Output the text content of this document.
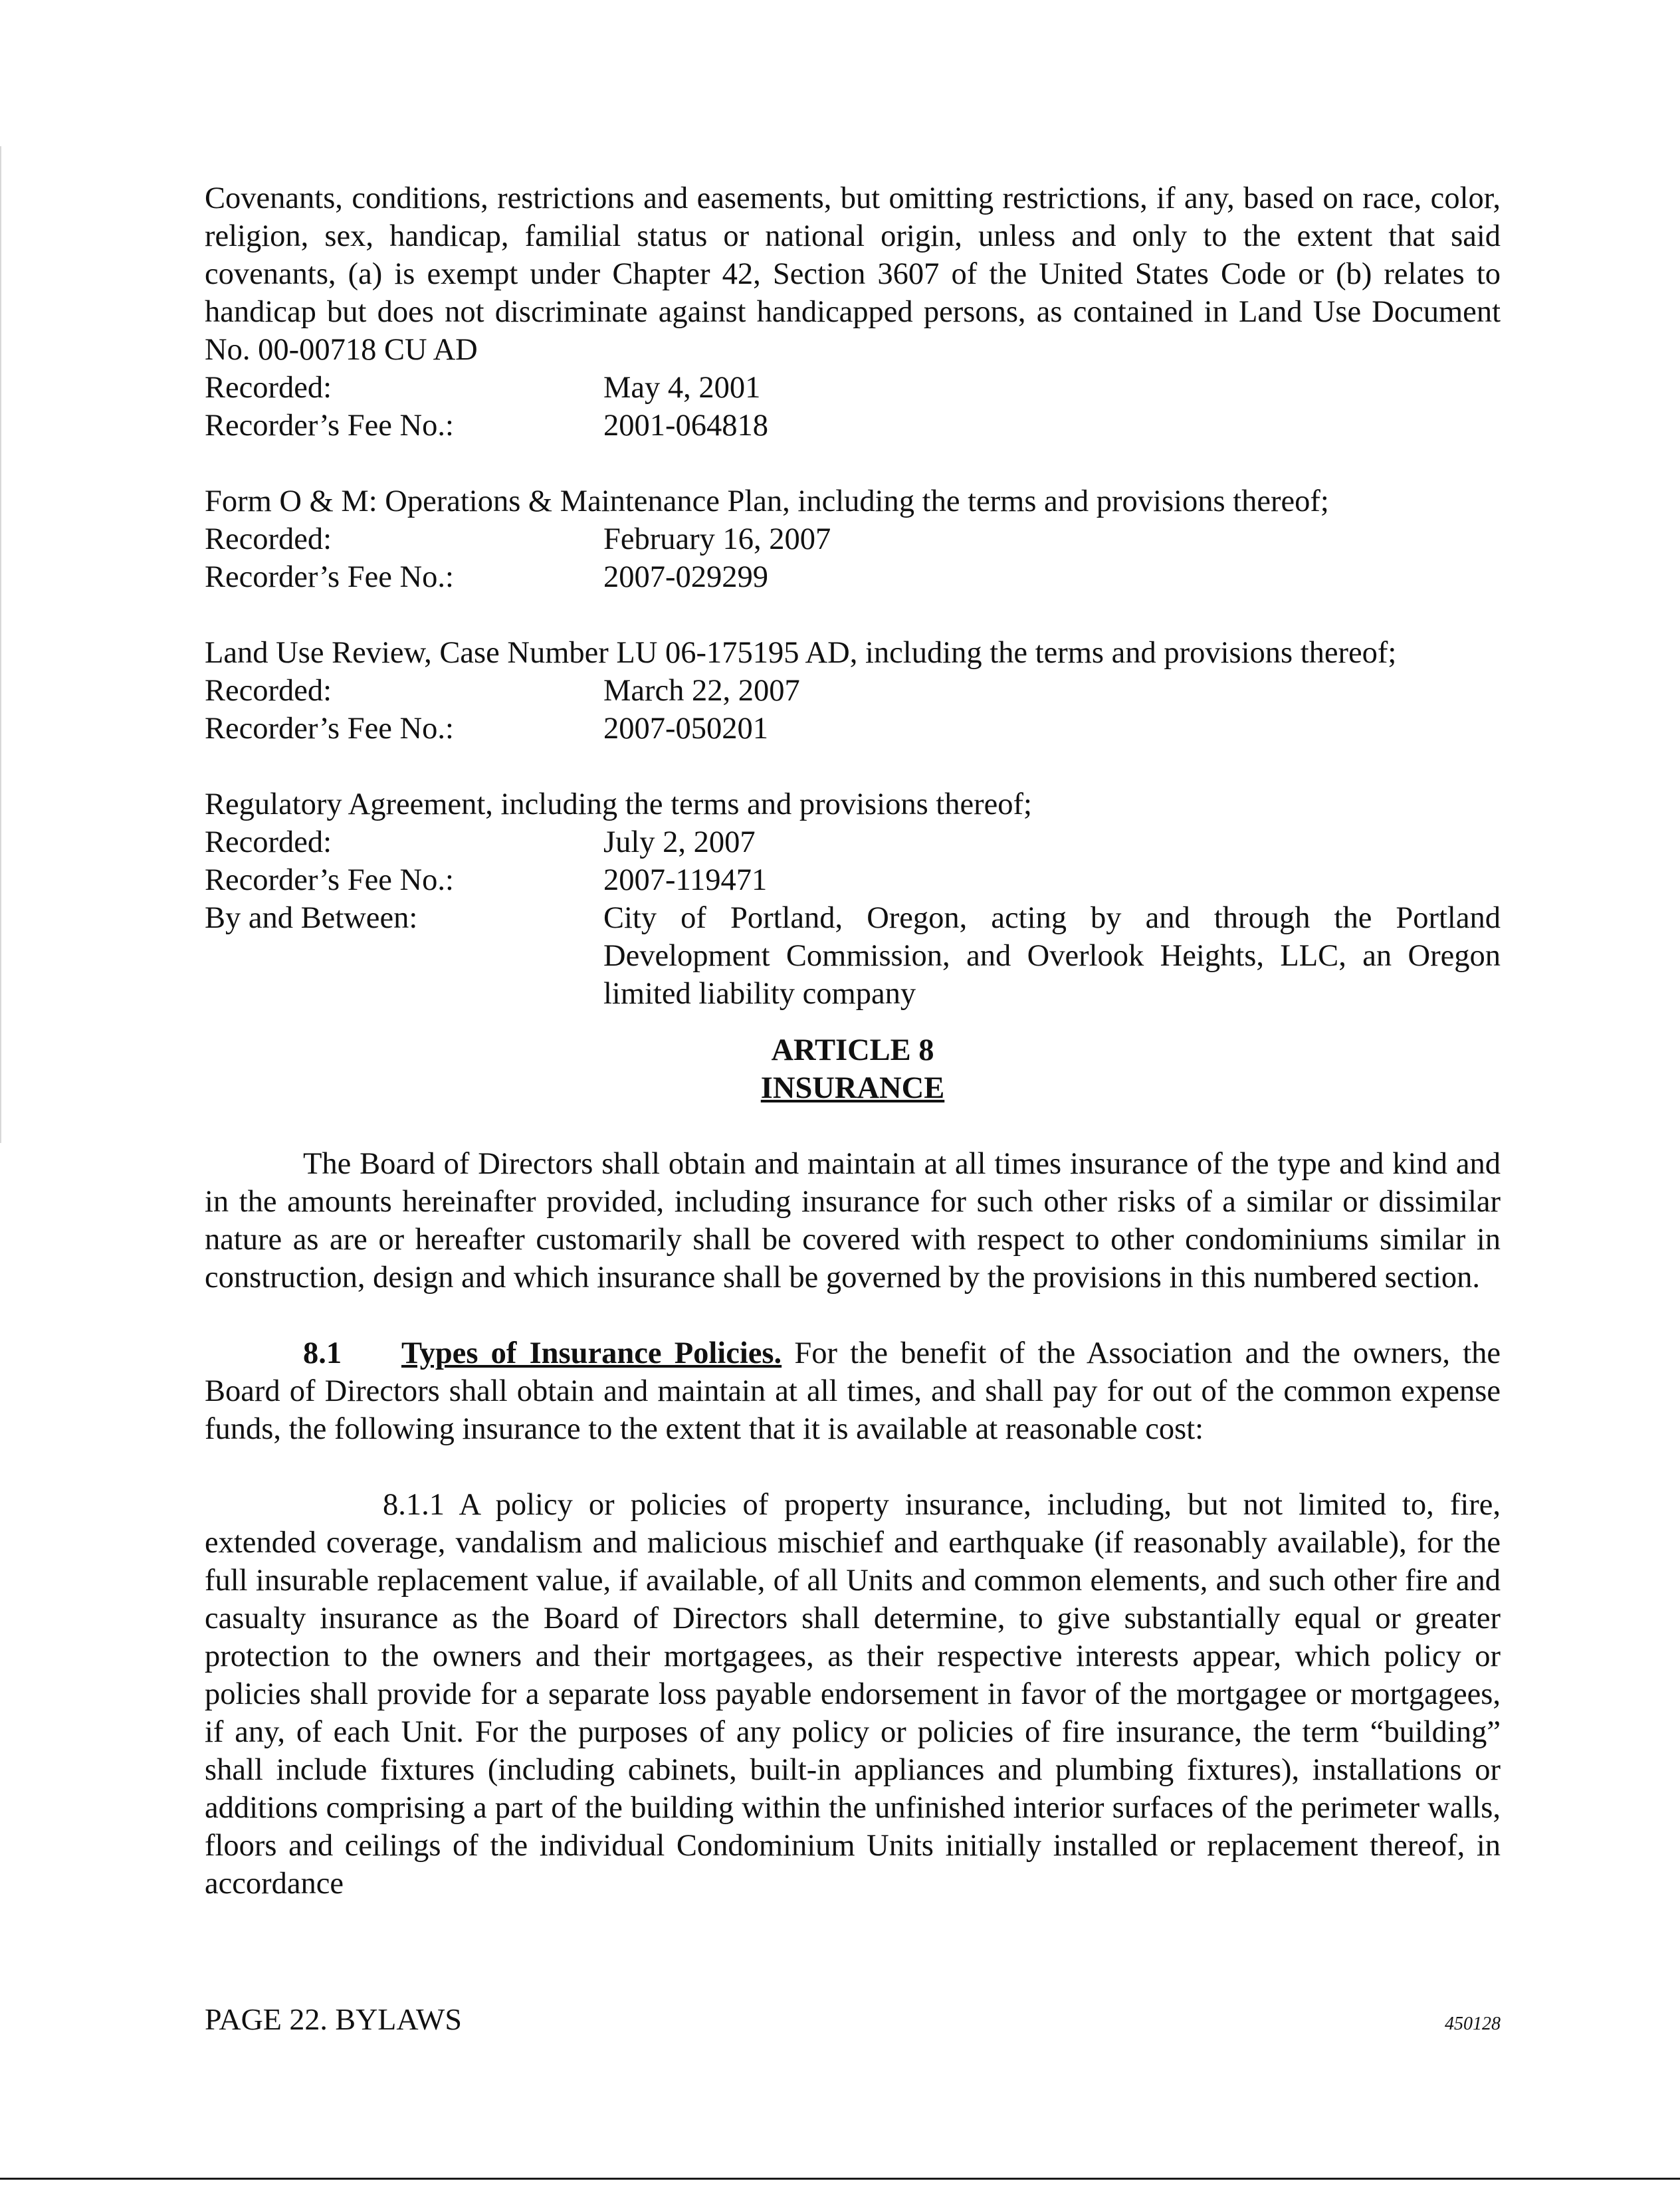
Covenants, conditions, restrictions and easements, but omitting restrictions, if any, based on race, color, religion, sex, handicap, familial status or national origin, unless and only to the extent that said covenants, (a) is exempt under Chapter 42, Section 3607 of the United States Code or (b) relates to handicap but does not discriminate against handicapped persons, as contained in Land Use Document No. 00-00718 CU AD

Recorded:	May 4, 2001
Recorder’s Fee No.:	2001-064818

Form O & M: Operations & Maintenance Plan, including the terms and provisions thereof;

Recorded:	February 16, 2007
Recorder’s Fee No.:	2007-029299

Land Use Review, Case Number LU 06-175195 AD, including the terms and provisions thereof;

Recorded:	March 22, 2007
Recorder’s Fee No.:	2007-050201

Regulatory Agreement, including the terms and provisions thereof;

Recorded:	July 2, 2007
Recorder’s Fee No.:	2007-119471
By and Between:	City of Portland, Oregon, acting by and through the Portland Development Commission, and Overlook Heights, LLC, an Oregon limited liability company
ARTICLE 8
INSURANCE

The Board of Directors shall obtain and maintain at all times insurance of the type and kind and in the amounts hereinafter provided, including insurance for such other risks of a similar or dissimilar nature as are or hereafter customarily shall be covered with respect to other condominiums similar in construction, design and which insurance shall be governed by the provisions in this numbered section.

8.1 Types of Insurance Policies. For the benefit of the Association and the owners, the Board of Directors shall obtain and maintain at all times, and shall pay for out of the common expense funds, the following insurance to the extent that it is available at reasonable cost:

8.1.1 A policy or policies of property insurance, including, but not limited to, fire, extended coverage, vandalism and malicious mischief and earthquake (if reasonably available), for the full insurable replacement value, if available, of all Units and common elements, and such other fire and casualty insurance as the Board of Directors shall determine, to give substantially equal or greater protection to the owners and their mortgagees, as their respective interests appear, which policy or policies shall provide for a separate loss payable endorsement in favor of the mortgagee or mortgagees, if any, of each Unit. For the purposes of any policy or policies of fire insurance, the term “building” shall include fixtures (including cabinets, built-in appliances and plumbing fixtures), installations or additions comprising a part of the building within the unfinished interior surfaces of the perimeter walls, floors and ceilings of the individual Condominium Units initially installed or replacement thereof, in accordance

PAGE 22. BYLAWS	450128
